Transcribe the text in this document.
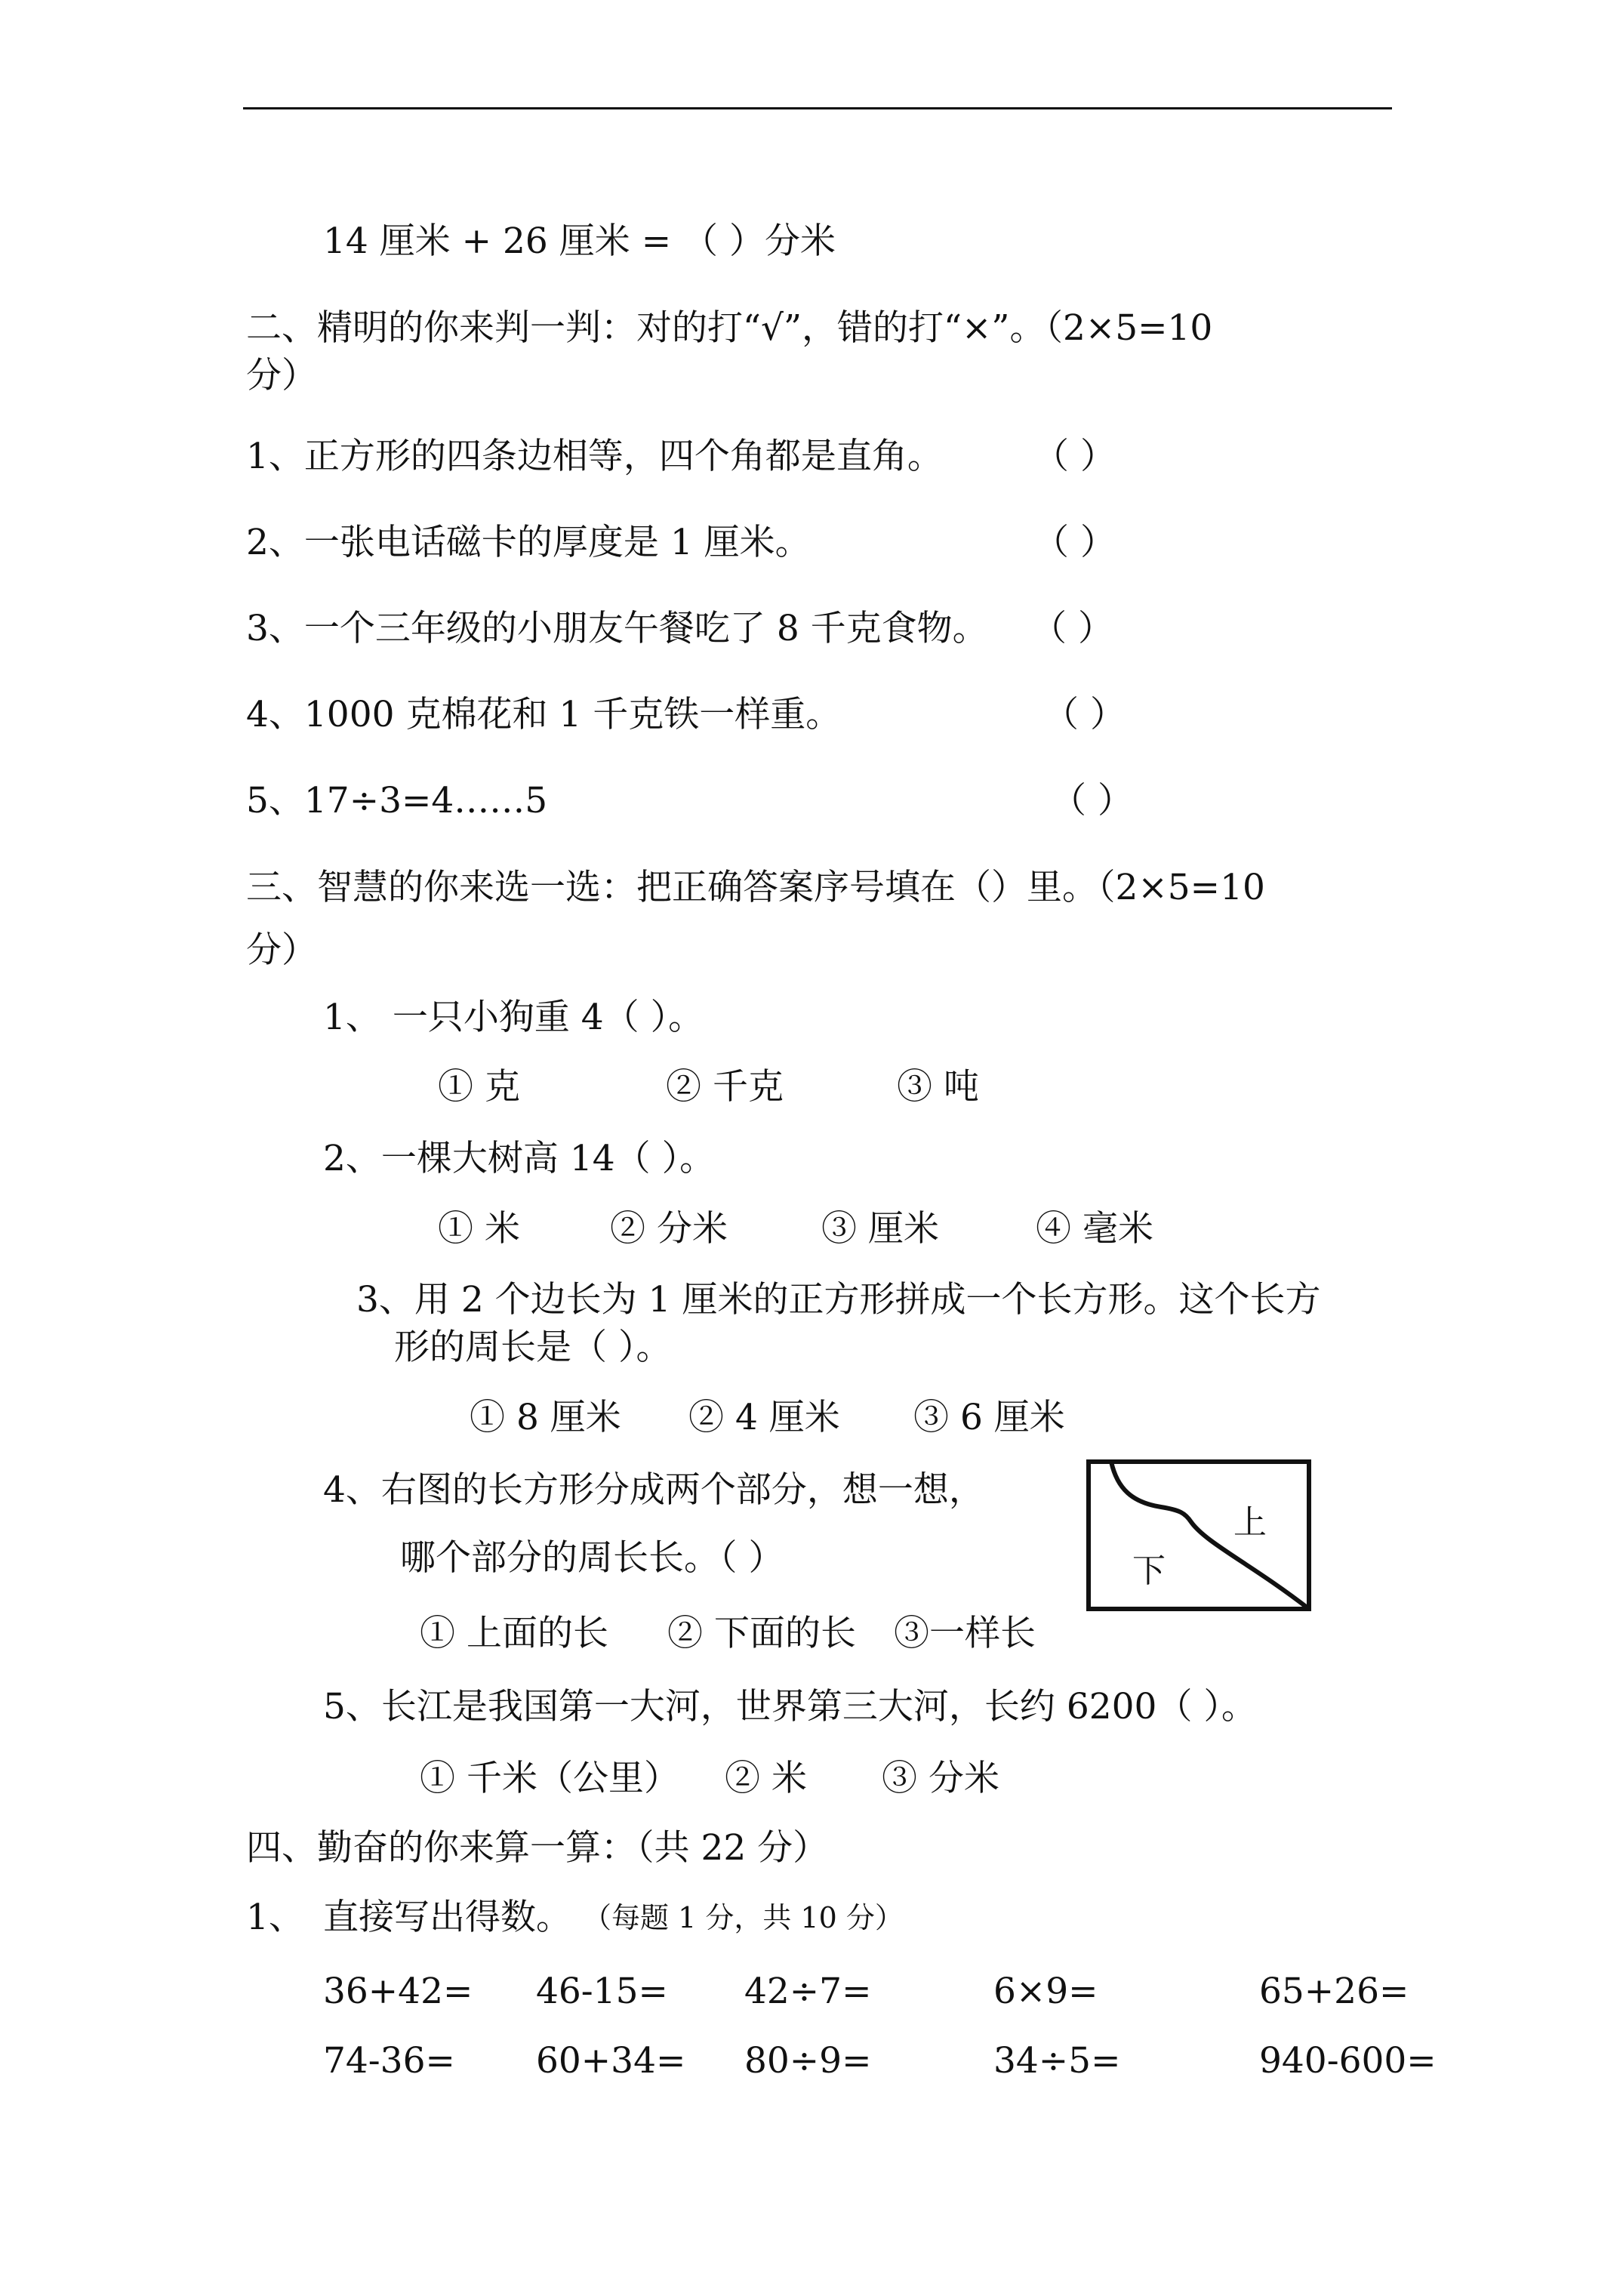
14 厘米 + 26 厘米 = （ ）分米
二、精明的你来判一判：对的打“√”，错的打“×”。（2×5=10
分）
1、正方形的四条边相等，四个角都是直角。	（ ）
2、一张电话磁卡的厚度是 1 厘米。	（ ）
3、一个三年级的小朋友午餐吃了 8 千克食物。 （ ）
4、1000 克棉花和 1 千克铁一样重。	（ ）
5、17÷3=4……5	（ ）
三、智慧的你来选一选：把正确答案序号填在（）里。（2×5=10
分）
1、 一只小狗重 4（ ）。
① 克	② 千克	③ 吨
2、一棵大树高 14（ ）。
① 米	② 分米	③ 厘米	④ 毫米
3、用 2 个边长为 1 厘米的正方形拼成一个长方形。这个长方
形的周长是（ ）。
① 8 厘米 ② 4 厘米 ③ 6 厘米
4、右图的长方形分成两个部分，想一想，
哪个部分的周长长。（ ）
① 上面的长 ② 下面的长 ③一样长
上
下
5、长江是我国第一大河，世界第三大河，长约 6200（ ）。
① 千米（公里） ② 米 ③ 分米
四、勤奋的你来算一算：（共 22 分）
1、 直接写出得数。 （每题 1 分，共 10 分）
36+42= 46-15= 42÷7=	6×9=	65+26=
74-36= 60+34= 80÷9=	34÷5=	940-600=
